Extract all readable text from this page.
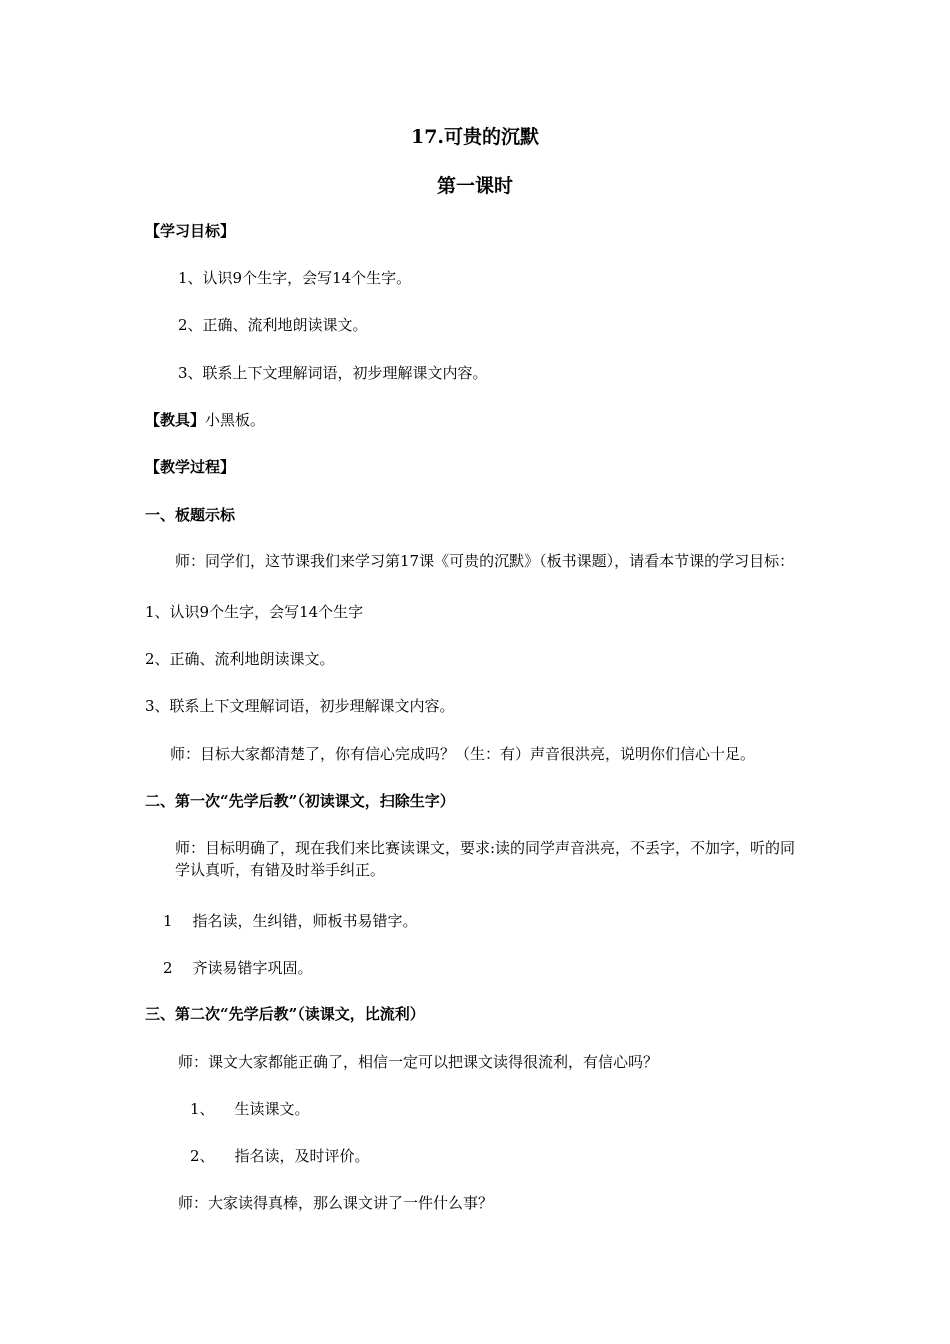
17.可贵的沉默
第一课时
【学习目标】
1、认识9个生字，会写14个生字。
2、正确、流利地朗读课文。
3、联系上下文理解词语，初步理解课文内容。
【教具】小黑板。
【教学过程】
一、板题示标
师：同学们，这节课我们来学习第17课《可贵的沉默》（板书课题），请看本节课的学习目标：
1、认识9个生字，会写14个生字
2、正确、流利地朗读课文。
3、联系上下文理解词语，初步理解课文内容。
师：目标大家都清楚了，你有信心完成吗？（生：有）声音很洪亮，说明你们信心十足。
二、第一次“先学后教”（初读课文，扫除生字）
师：目标明确了，现在我们来比赛读课文，要求:读的同学声音洪亮，不丢字，不加字，听的同学认真听，有错及时举手纠正。
1 指名读，生纠错，师板书易错字。
2 齐读易错字巩固。
三、第二次“先学后教”（读课文，比流利）
师：课文大家都能正确了，相信一定可以把课文读得很流利，有信心吗？
1、 生读课文。
2、 指名读，及时评价。
师：大家读得真棒，那么课文讲了一件什么事？
